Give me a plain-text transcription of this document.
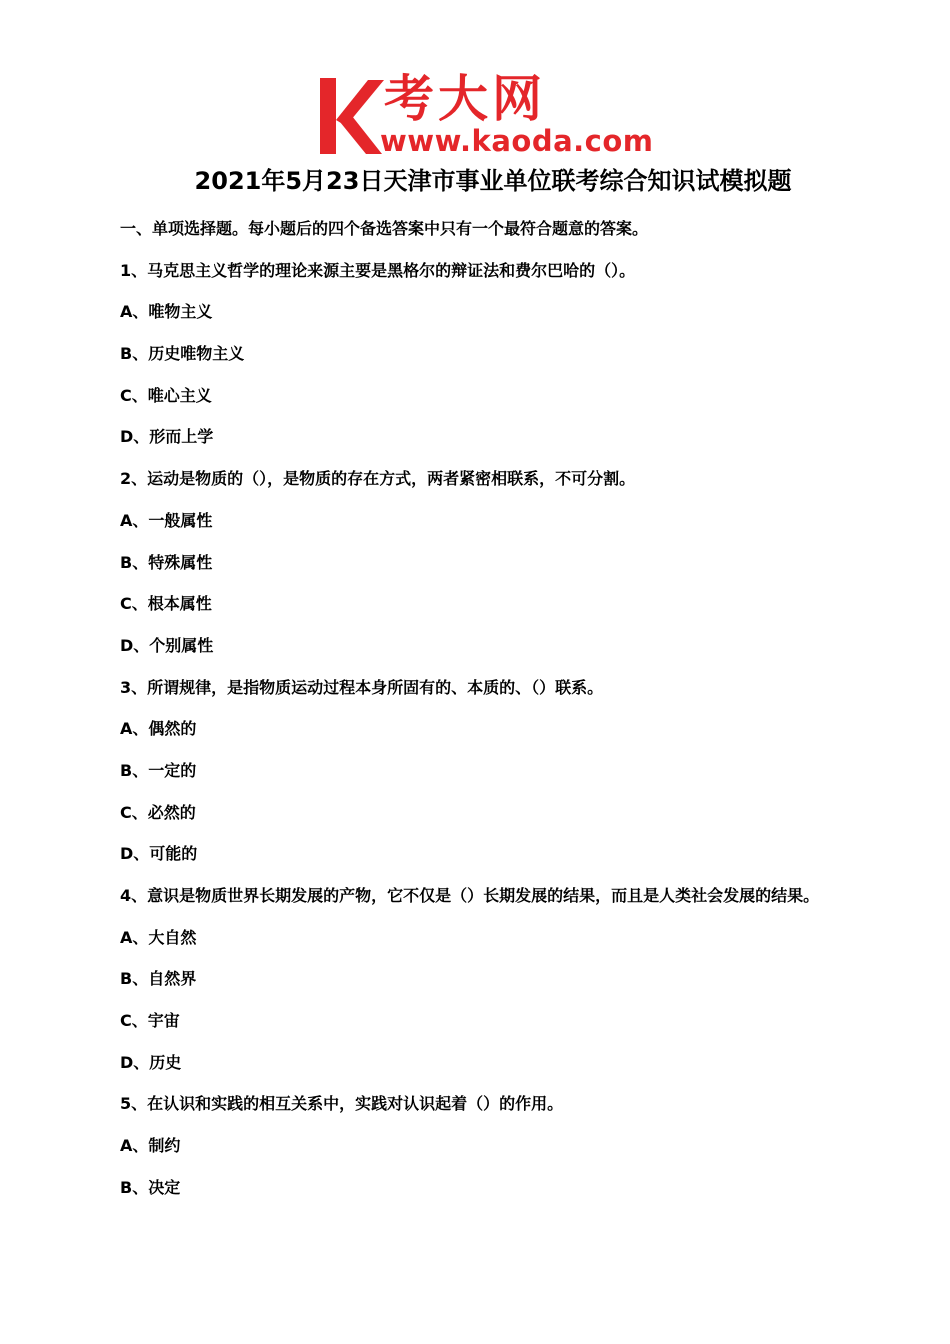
考大网
www.kaoda.com
2021年5月23日天津市事业单位联考综合知识试模拟题
一、单项选择题。每小题后的四个备选答案中只有一个最符合题意的答案。
1、马克思主义哲学的理论来源主要是黑格尔的辩证法和费尔巴哈的（）。
A、唯物主义
B、历史唯物主义
C、唯心主义
D、形而上学
2、运动是物质的（），是物质的存在方式，两者紧密相联系，不可分割。
A、一般属性
B、特殊属性
C、根本属性
D、个别属性
3、所谓规律，是指物质运动过程本身所固有的、本质的、（）联系。
A、偶然的
B、一定的
C、必然的
D、可能的
4、意识是物质世界长期发展的产物，它不仅是（）长期发展的结果，而且是人类社会发展的结果。
A、大自然
B、自然界
C、宇宙
D、历史
5、在认识和实践的相互关系中，实践对认识起着（）的作用。
A、制约
B、决定
